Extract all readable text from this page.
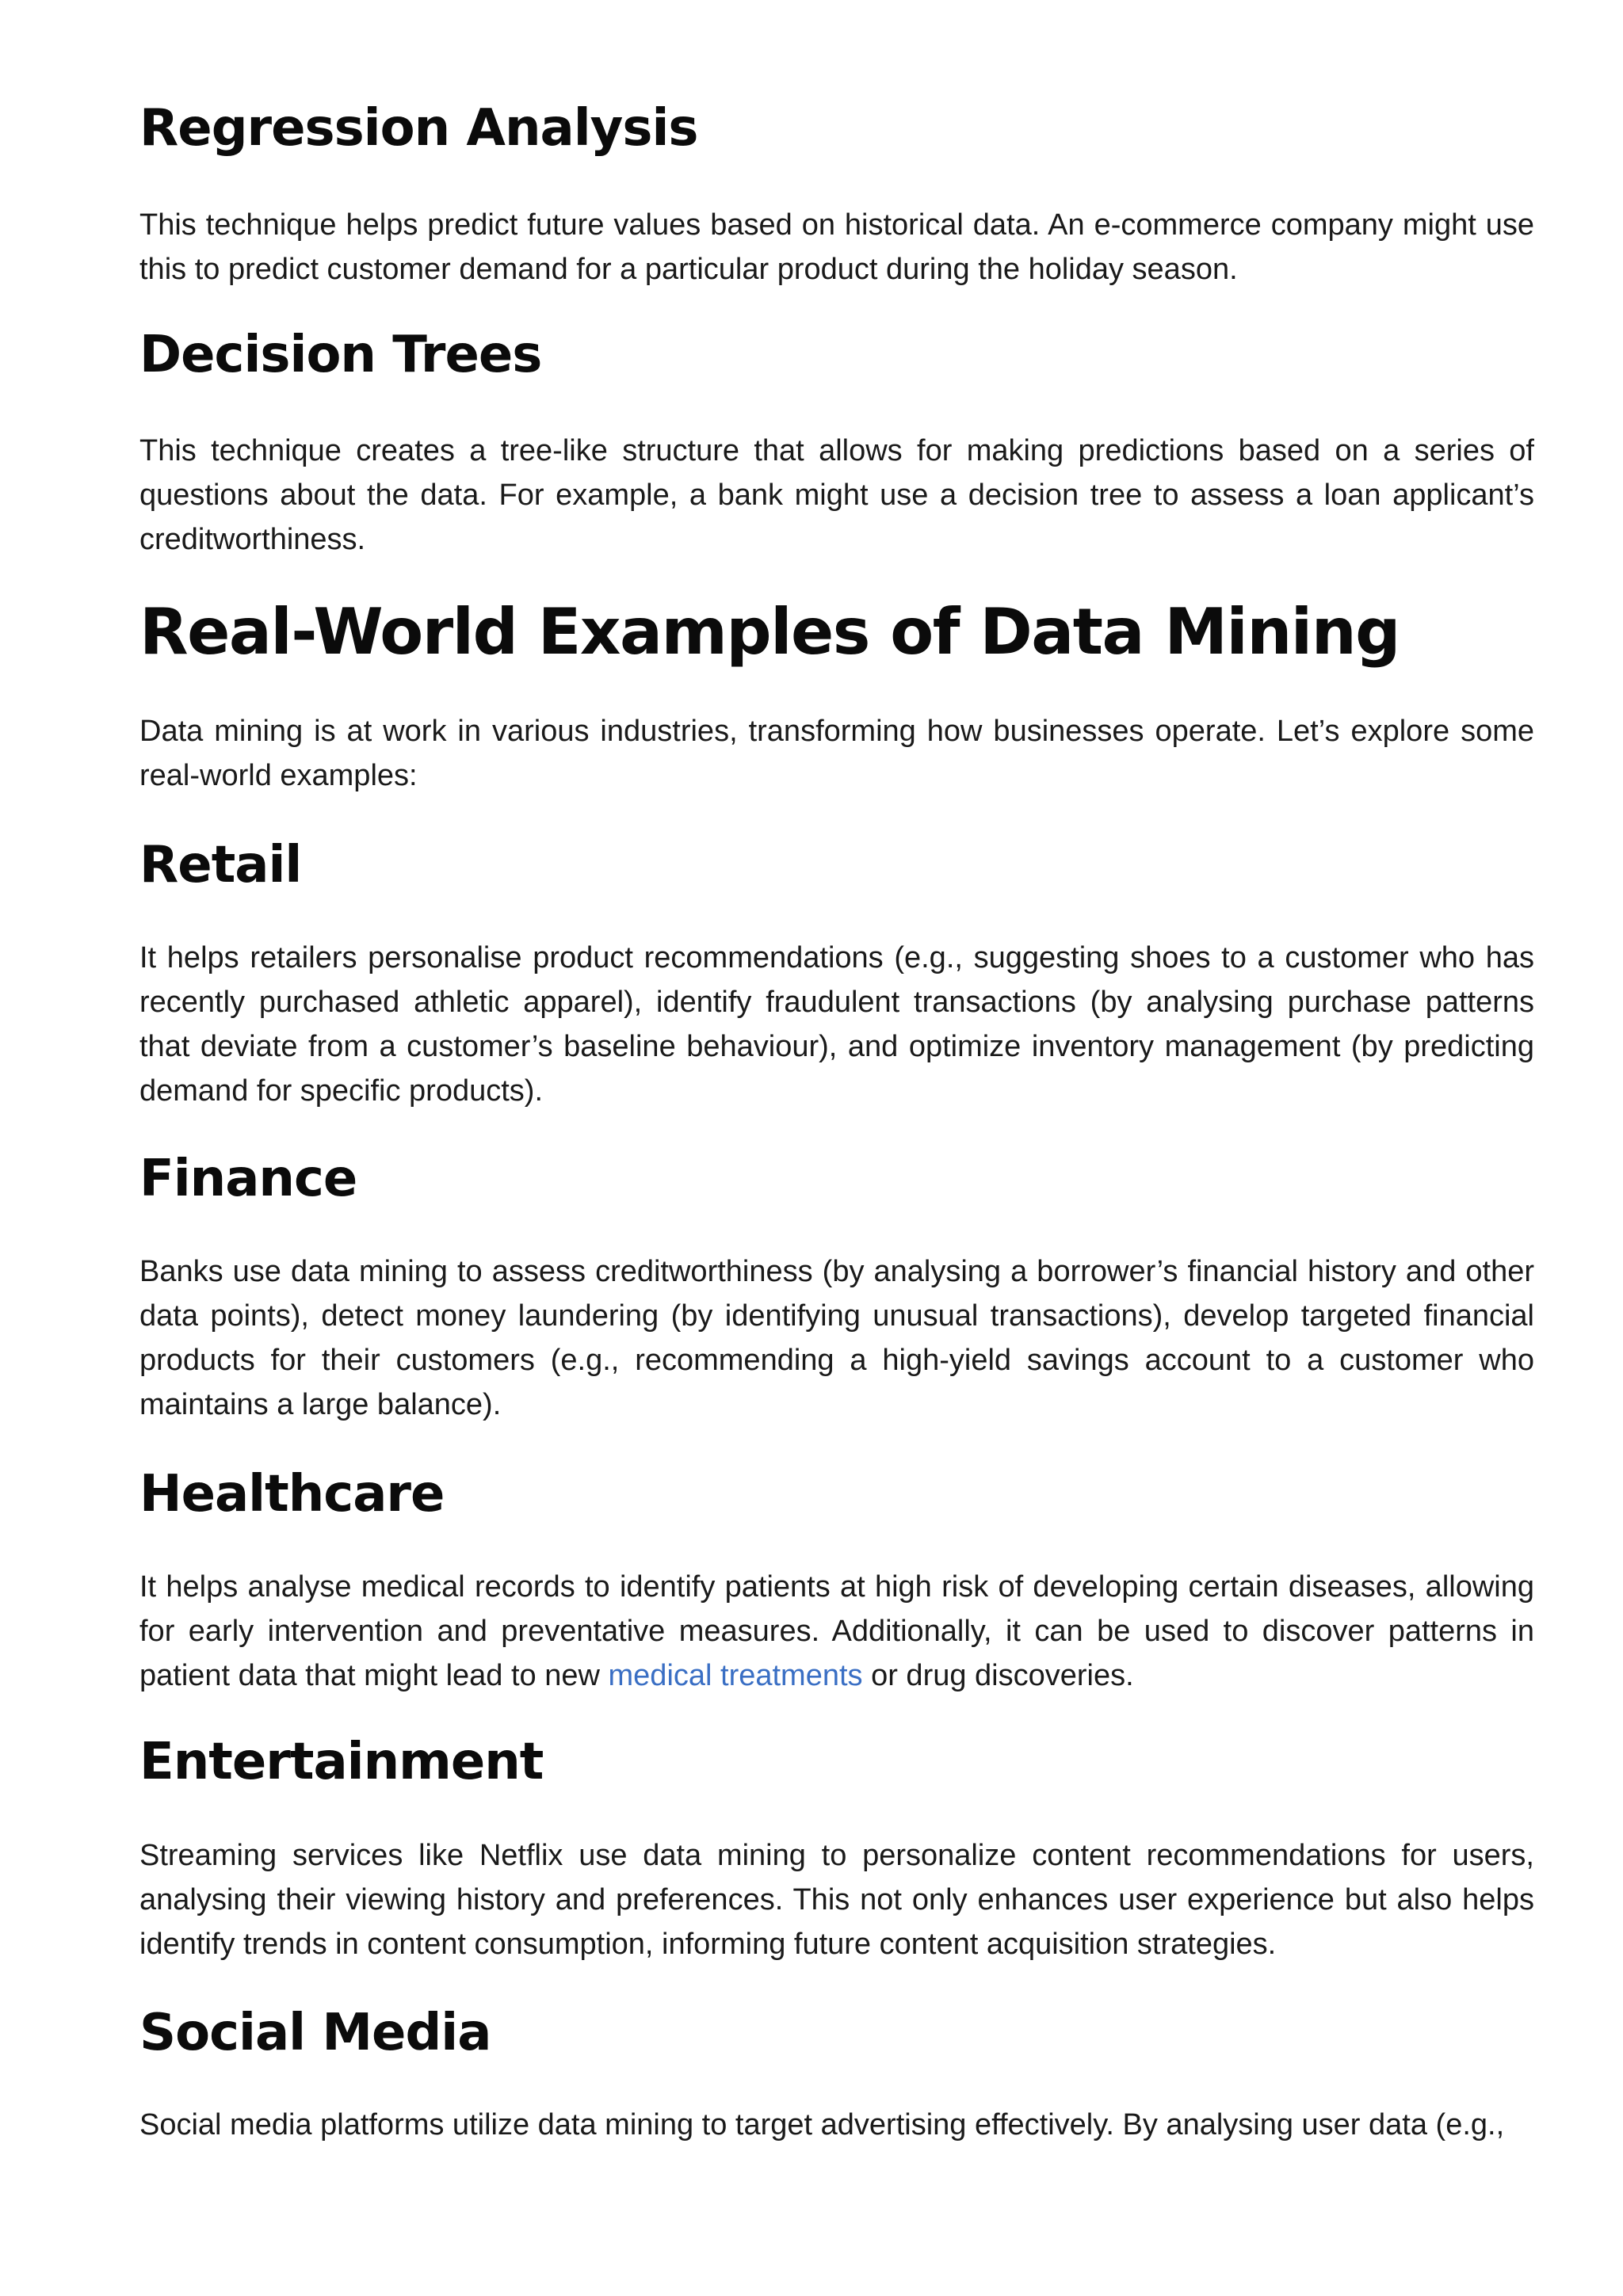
Regression Analysis

This technique helps predict future values based on historical data. An e-commerce company might use this to predict customer demand for a particular product during the holiday season.

Decision Trees

This technique creates a tree-like structure that allows for making predictions based on a series of questions about the data. For example, a bank might use a decision tree to assess a loan applicant’s creditworthiness.

Real-World Examples of Data Mining

Data mining is at work in various industries, transforming how businesses operate. Let’s explore some real-world examples:

Retail

It helps retailers personalise product recommendations (e.g., suggesting shoes to a customer who has recently purchased athletic apparel), identify fraudulent transactions (by analysing purchase patterns that deviate from a customer’s baseline behaviour), and optimize inventory management (by predicting demand for specific products).

Finance

Banks use data mining to assess creditworthiness (by analysing a borrower’s financial history and other data points), detect money laundering (by identifying unusual transactions), develop targeted financial products for their customers (e.g., recommending a high-yield savings account to a customer who maintains a large balance).

Healthcare

It helps analyse medical records to identify patients at high risk of developing certain diseases, allowing for early intervention and preventative measures. Additionally, it can be used to discover patterns in patient data that might lead to new medical treatments or drug discoveries.

Entertainment

Streaming services like Netflix use data mining to personalize content recommendations for users, analysing their viewing history and preferences. This not only enhances user experience but also helps identify trends in content consumption, informing future content acquisition strategies.

Social Media

Social media platforms utilize data mining to target advertising effectively. By analysing user data (e.g.,
